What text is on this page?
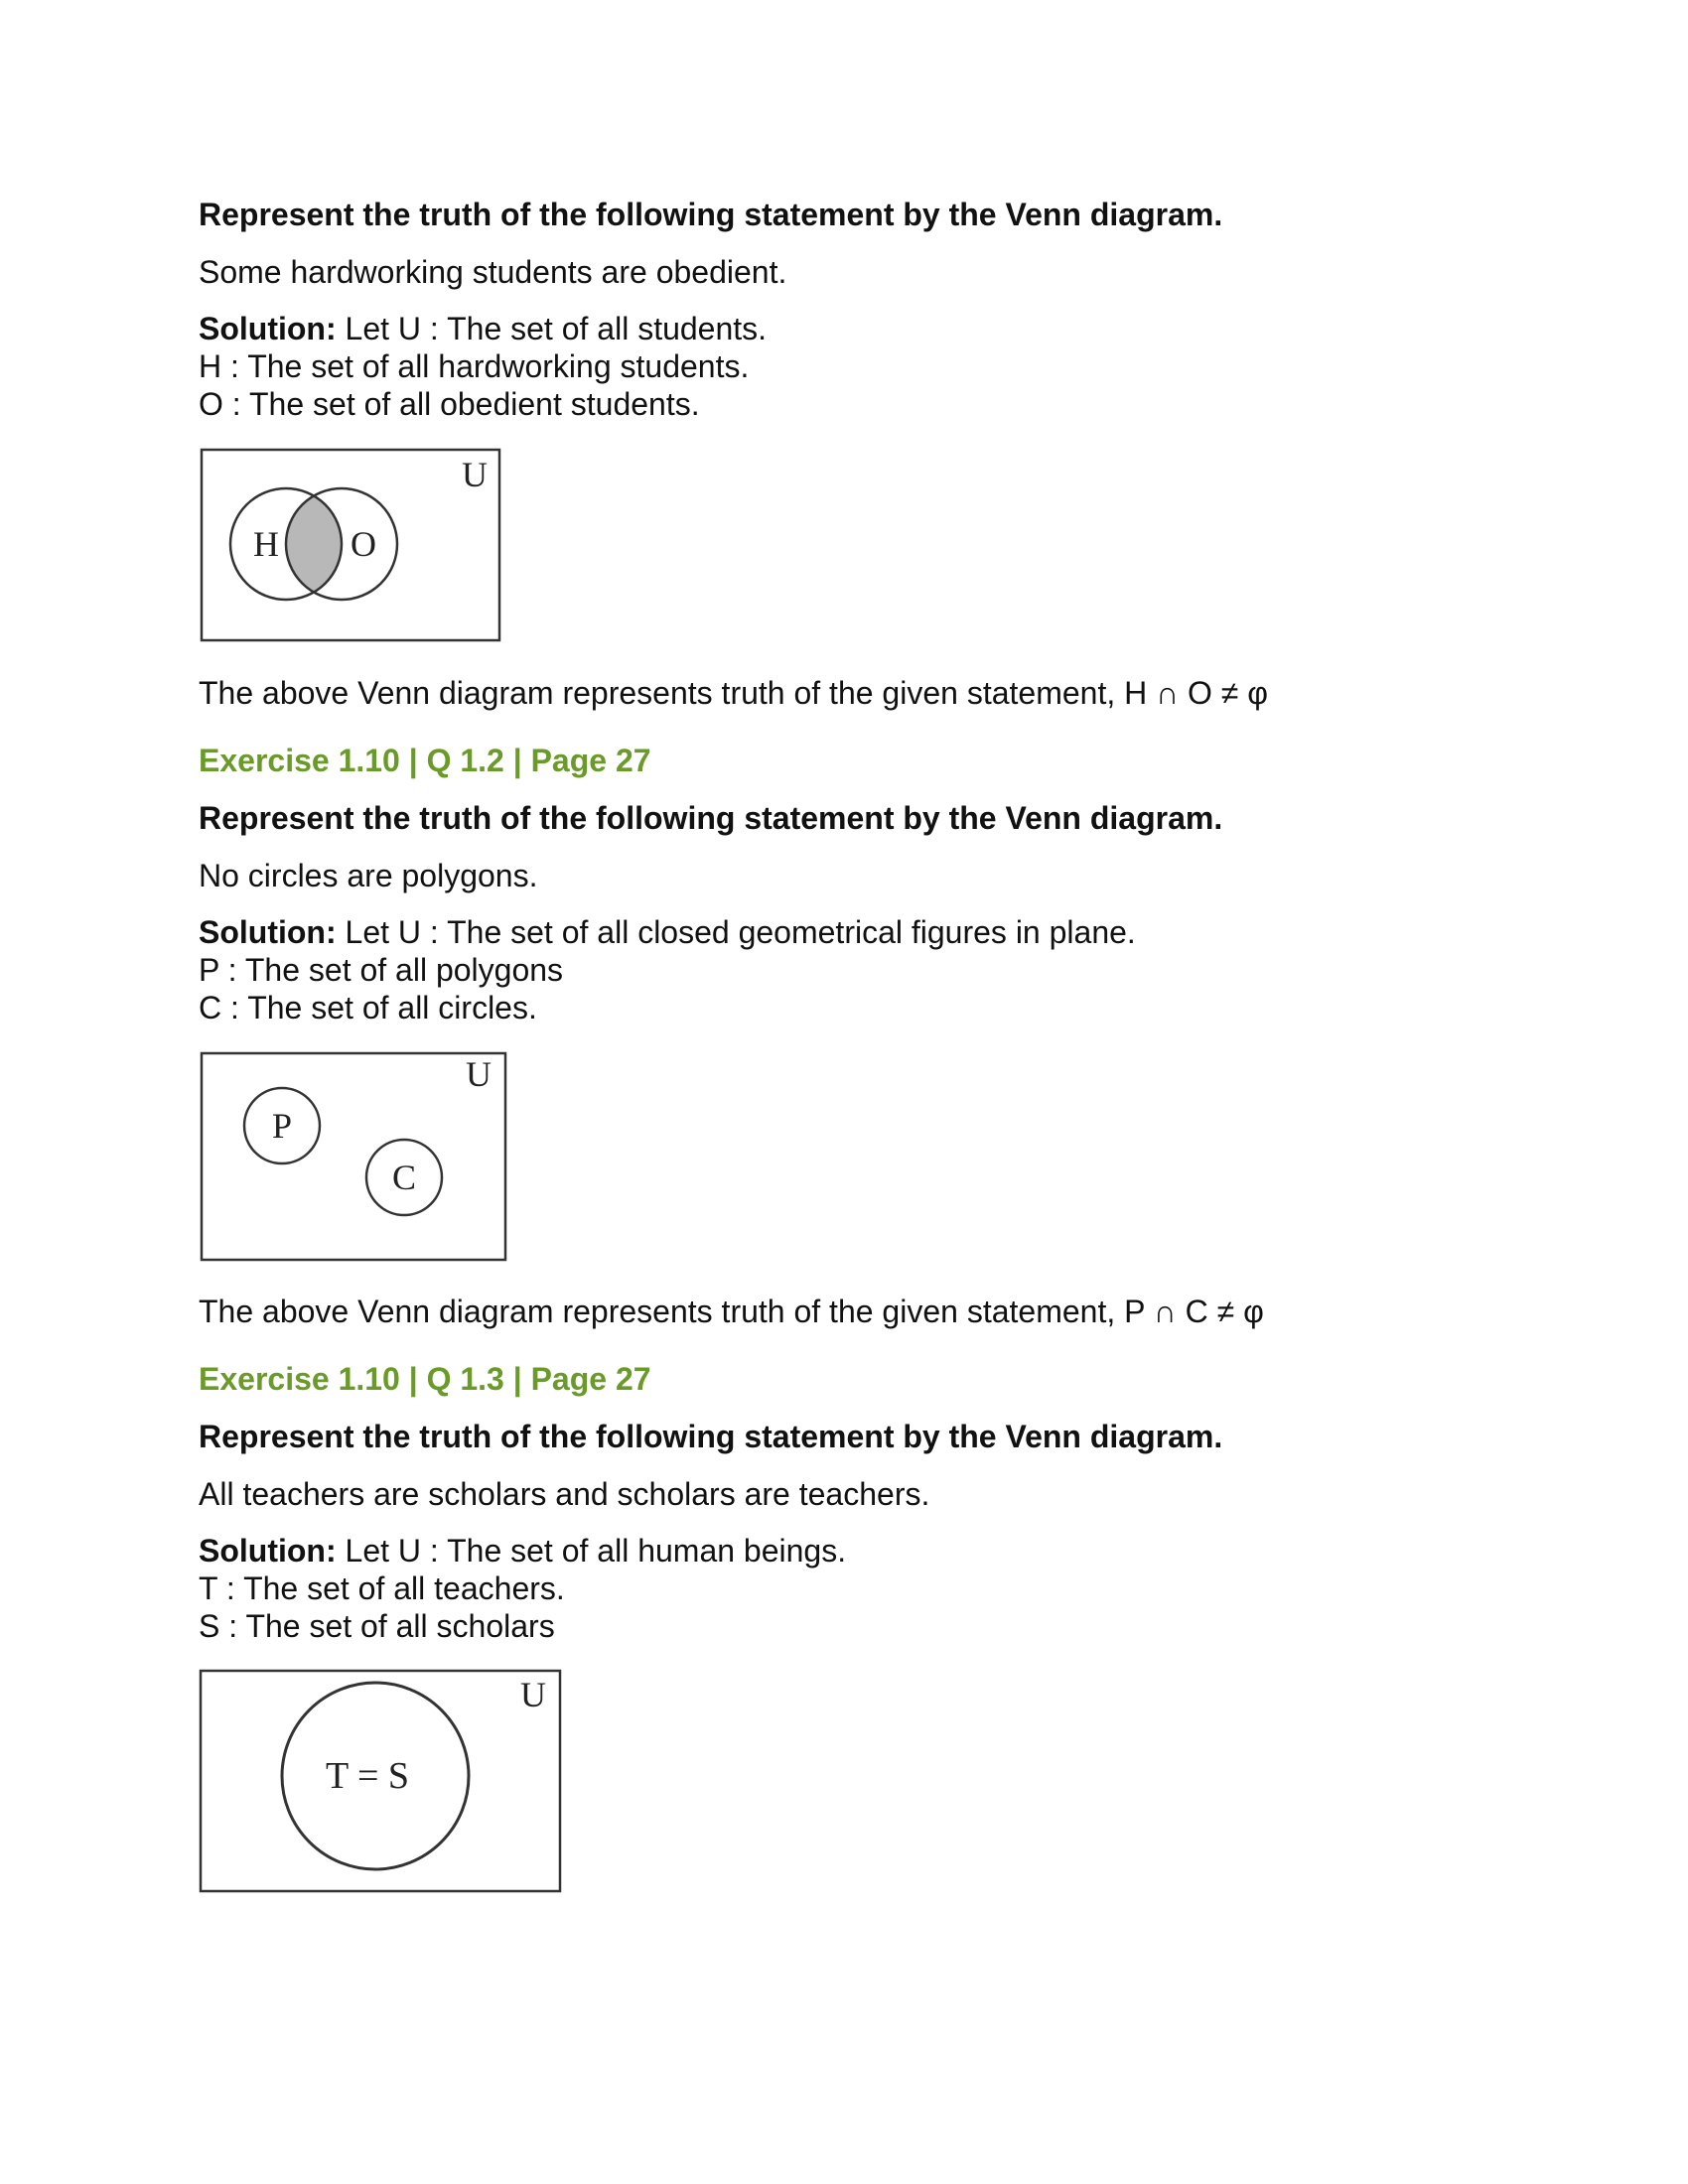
Represent the truth of the following statement by the Venn diagram.
Some hardworking students are obedient.
Solution: Let U : The set of all students.
H : The set of all hardworking students.
O : The set of all obedient students.
U
H O
The above Venn diagram represents truth of the given statement, H ∩ O ≠ φ
Exercise 1.10 | Q 1.2 | Page 27
Represent the truth of the following statement by the Venn diagram.
No circles are polygons.
Solution: Let U : The set of all closed geometrical figures in plane.
P : The set of all polygons
C : The set of all circles.
U
P
C
The above Venn diagram represents truth of the given statement, P ∩ C ≠ φ
Exercise 1.10 | Q 1.3 | Page 27
Represent the truth of the following statement by the Venn diagram.
All teachers are scholars and scholars are teachers.
Solution: Let U : The set of all human beings.
T : The set of all teachers.
S : The set of all scholars
U
T = S
